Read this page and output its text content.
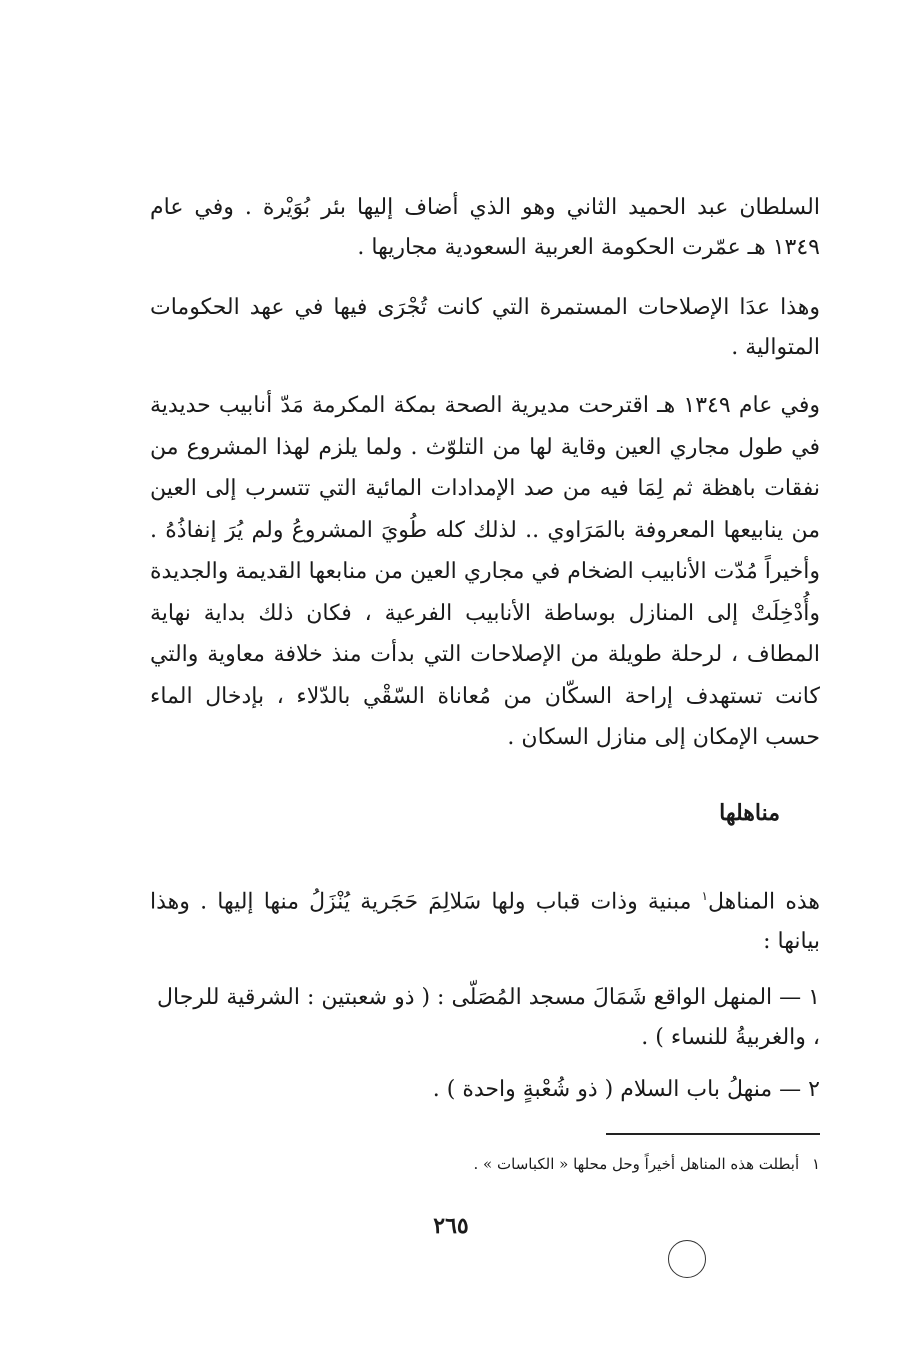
السلطان عبد الحميد الثاني وهو الذي أضاف إليها بئر بُوَيْرة . وفي عام ١٣٤٩ هـ عمّرت الحكومة العربية السعودية مجاريها .
وهذا عدَا الإصلاحات المستمرة التي كانت تُجْرَى فيها في عهد الحكومات المتوالية .
وفي عام ١٣٤٩ هـ اقترحت مديرية الصحة بمكة المكرمة مَدّ أنابيب حديدية في طول مجاري العين وقاية لها من التلوّث . ولما يلزم لهذا المشروع من نفقات باهظة ثم لِمَا فيه من صد الإمدادات المائية التي تتسرب إلى العين من ينابيعها المعروفة بالمَرَاوي .. لذلك كله طُويَ المشروعُ ولم يُرَ إنفاذُهُ . وأخيراً مُدّت الأنابيب الضخام في مجاري العين من منابعها القديمة والجديدة وأُدْخِلَتْ إلى المنازل بوساطة الأنابيب الفرعية ، فكان ذلك بداية نهاية المطاف ، لرحلة طويلة من الإصلاحات التي بدأت منذ خلافة معاوية والتي كانت تستهدف إراحة السكّان من مُعاناة السّقْي بالدّلاء ، بإدخال الماء حسب الإمكان إلى منازل السكان .
مناهلها
هذه المناهل$^١$ مبنية وذات قباب ولها سَلالِمَ حَجَرية يُنْزَلُ منها إليها . وهذا بيانها :
١ — المنهل الواقع شَمَالَ مسجد المُصَلّى : ( ذو شعبتين : الشرقية للرجال ، والغربيةُ للنساء ) .
٢ — منهلُ باب السلام ( ذو شُعْبةٍ واحدة ) .
١ أبطلت هذه المناهل أخيراً وحل محلها « الكباسات » .
٢٦٥
